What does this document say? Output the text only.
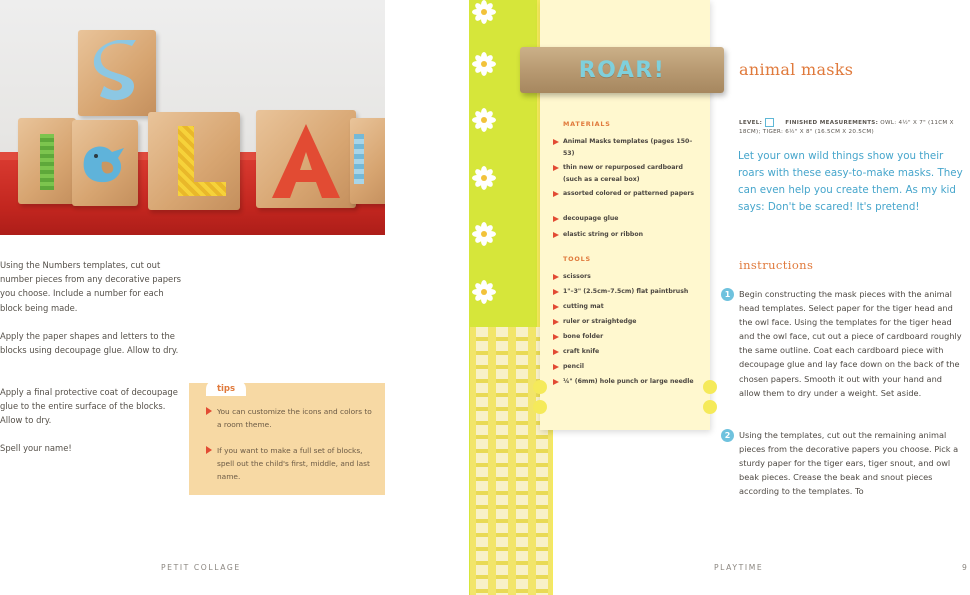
Using the Numbers templates, cut out number pieces from any decorative papers you choose. Include a number for each block being made.

Apply the paper shapes and letters to the blocks using decoupage glue. Allow to dry.

Apply a final protective coat of decoupage glue to the entire surface of the blocks. Allow to dry.

Spell your name!

tips
You can customize the icons and colors to a room theme.
If you want to make a full set of blocks, spell out the child's first, middle, and last name.
PETIT COLLAGE
ROAR!
MATERIALS
Animal Masks templates (pages 150–53)
thin new or repurposed cardboard (such as a cereal box)
assorted colored or patterned papers
decoupage glue
elastic string or ribbon
TOOLS
scissors
1"–3" (2.5cm–7.5cm) flat paintbrush
cutting mat
ruler or straightedge
bone folder
craft knife
pencil
¼" (6mm) hole punch or large needle
animal masks
LEVEL:	FINISHED MEASUREMENTS: OWL: 4½" X 7" (11CM X 18CM); TIGER: 6½" X 8" (16.5CM X 20.5CM)
Let your own wild things show you their roars with these easy-to-make masks. They can even help you create them. As my kid says: Don't be scared! It's pretend!
instructions
1	Begin constructing the mask pieces with the animal head templates. Select paper for the tiger head and the owl face. Using the templates for the tiger head and the owl face, cut out a piece of cardboard roughly the same outline. Coat each cardboard piece with decoupage glue and lay face down on the back of the chosen papers. Smooth it out with your hand and allow them to dry under a weight. Set aside.
2	Using the templates, cut out the remaining animal pieces from the decorative papers you choose. Pick a sturdy paper for the tiger ears, tiger snout, and owl beak pieces. Crease the beak and snout pieces according to the templates. To
PLAYTIME	9
